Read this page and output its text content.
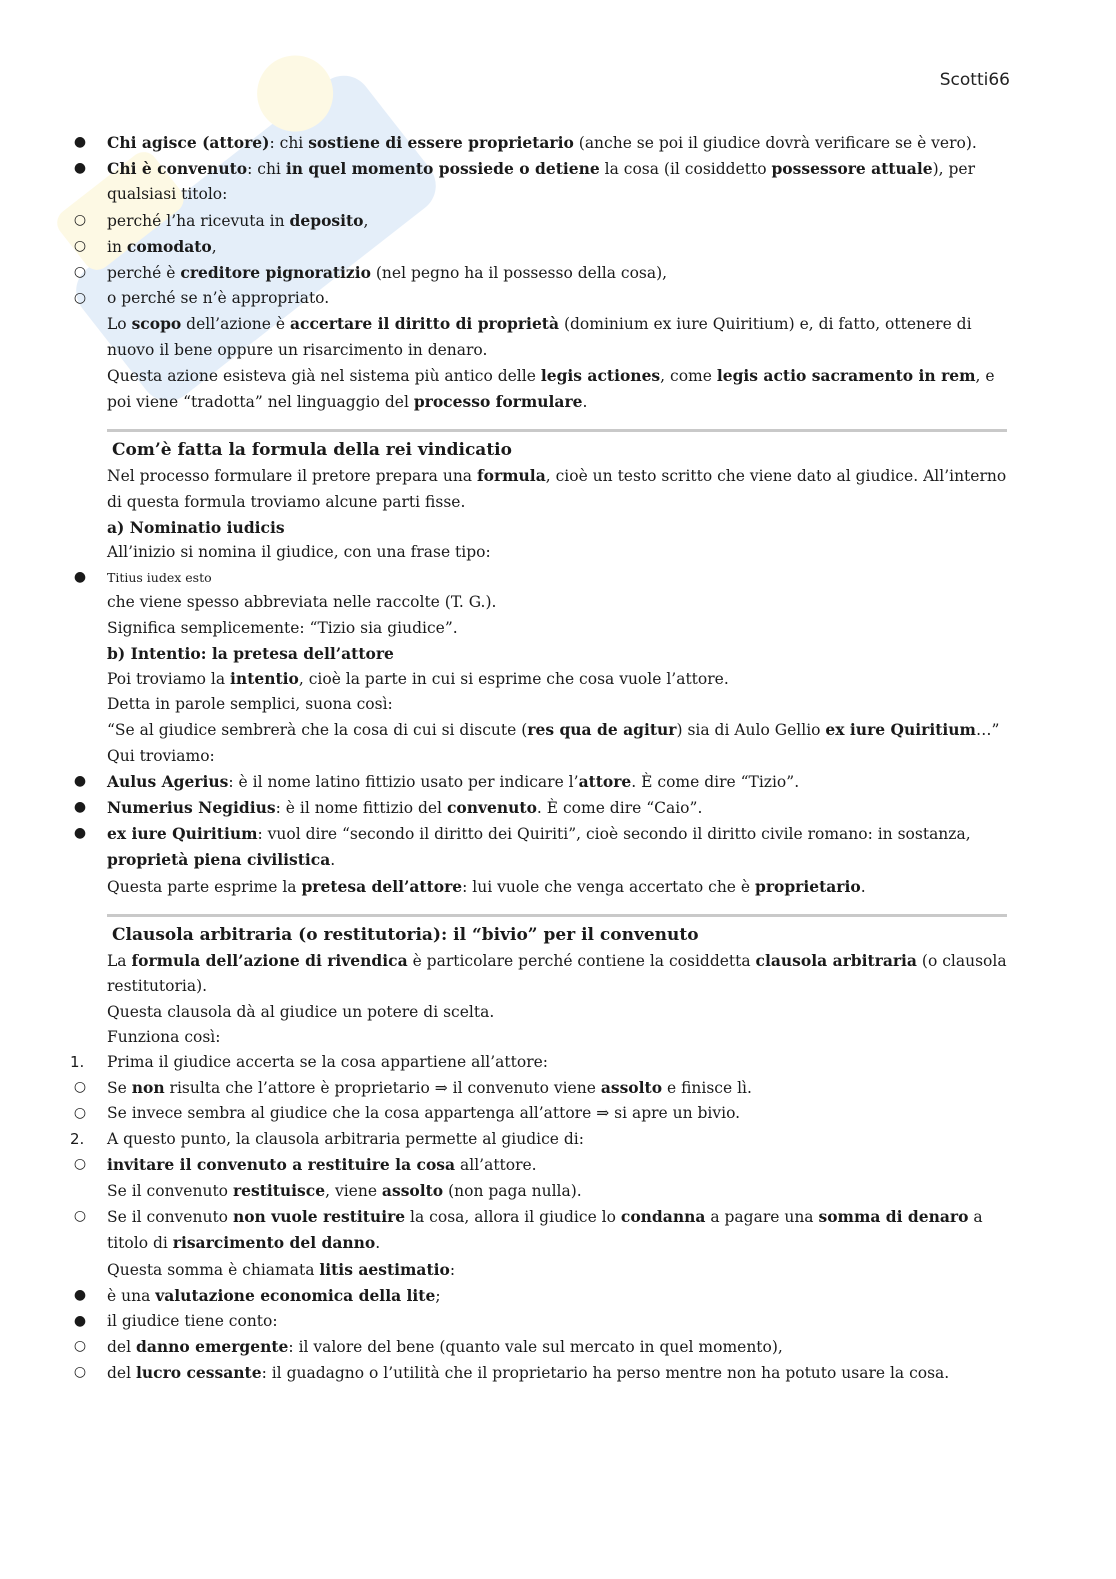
Scotti66
● Chi agisce (attore): chi sostiene di essere proprietario (anche se poi il giudice dovrà verificare se è vero).
● Chi è convenuto: chi in quel momento possiede o detiene la cosa (il cosiddetto possessore attuale), per qualsiasi titolo:
○ perché l’ha ricevuta in deposito,
○ in comodato,
○ perché è creditore pignoratizio (nel pegno ha il possesso della cosa),
○ o perché se n’è appropriato.
Lo scopo dell’azione è accertare il diritto di proprietà (dominium ex iure Quiritium) e, di fatto, ottenere di nuovo il bene oppure un risarcimento in denaro.
Questa azione esisteva già nel sistema più antico delle legis actiones, come legis actio sacramento in rem, e poi viene “tradotta” nel linguaggio del processo formulare.
Com’è fatta la formula della rei vindicatio
Nel processo formulare il pretore prepara una formula, cioè un testo scritto che viene dato al giudice. All’interno di questa formula troviamo alcune parti fisse.
a) Nominatio iudicis
All’inizio si nomina il giudice, con una frase tipo:
●	Titius iudex esto
che viene spesso abbreviata nelle raccolte (T. G.).
Significa semplicemente: “Tizio sia giudice”.
b) Intentio: la pretesa dell’attore
Poi troviamo la intentio, cioè la parte in cui si esprime che cosa vuole l’attore.
Detta in parole semplici, suona così:
“Se al giudice sembrerà che la cosa di cui si discute (res qua de agitur) sia di Aulo Gellio ex iure Quiritium…”
Qui troviamo:
● Aulus Agerius: è il nome latino fittizio usato per indicare l’attore. È come dire “Tizio”.
● Numerius Negidius: è il nome fittizio del convenuto. È come dire “Caio”.
● ex iure Quiritium: vuol dire “secondo il diritto dei Quiriti”, cioè secondo il diritto civile romano: in sostanza, proprietà piena civilistica.
Questa parte esprime la pretesa dell’attore: lui vuole che venga accertato che è proprietario.
Clausola arbitraria (o restitutoria): il “bivio” per il convenuto
La formula dell’azione di rivendica è particolare perché contiene la cosiddetta clausola arbitraria (o clausola restitutoria).
Questa clausola dà al giudice un potere di scelta.
Funziona così:
1.	Prima il giudice accerta se la cosa appartiene all’attore:
○ Se non risulta che l’attore è proprietario ⇒ il convenuto viene assolto e finisce lì.
○ Se invece sembra al giudice che la cosa appartenga all’attore ⇒ si apre un bivio.
2.	A questo punto, la clausola arbitraria permette al giudice di:
○ invitare il convenuto a restituire la cosa all’attore.
Se il convenuto restituisce, viene assolto (non paga nulla).
○ Se il convenuto non vuole restituire la cosa, allora il giudice lo condanna a pagare una somma di denaro a titolo di risarcimento del danno.
Questa somma è chiamata litis aestimatio:
● è una valutazione economica della lite;
● il giudice tiene conto:
○ del danno emergente: il valore del bene (quanto vale sul mercato in quel momento),
○ del lucro cessante: il guadagno o l’utilità che il proprietario ha perso mentre non ha potuto usare la cosa.
